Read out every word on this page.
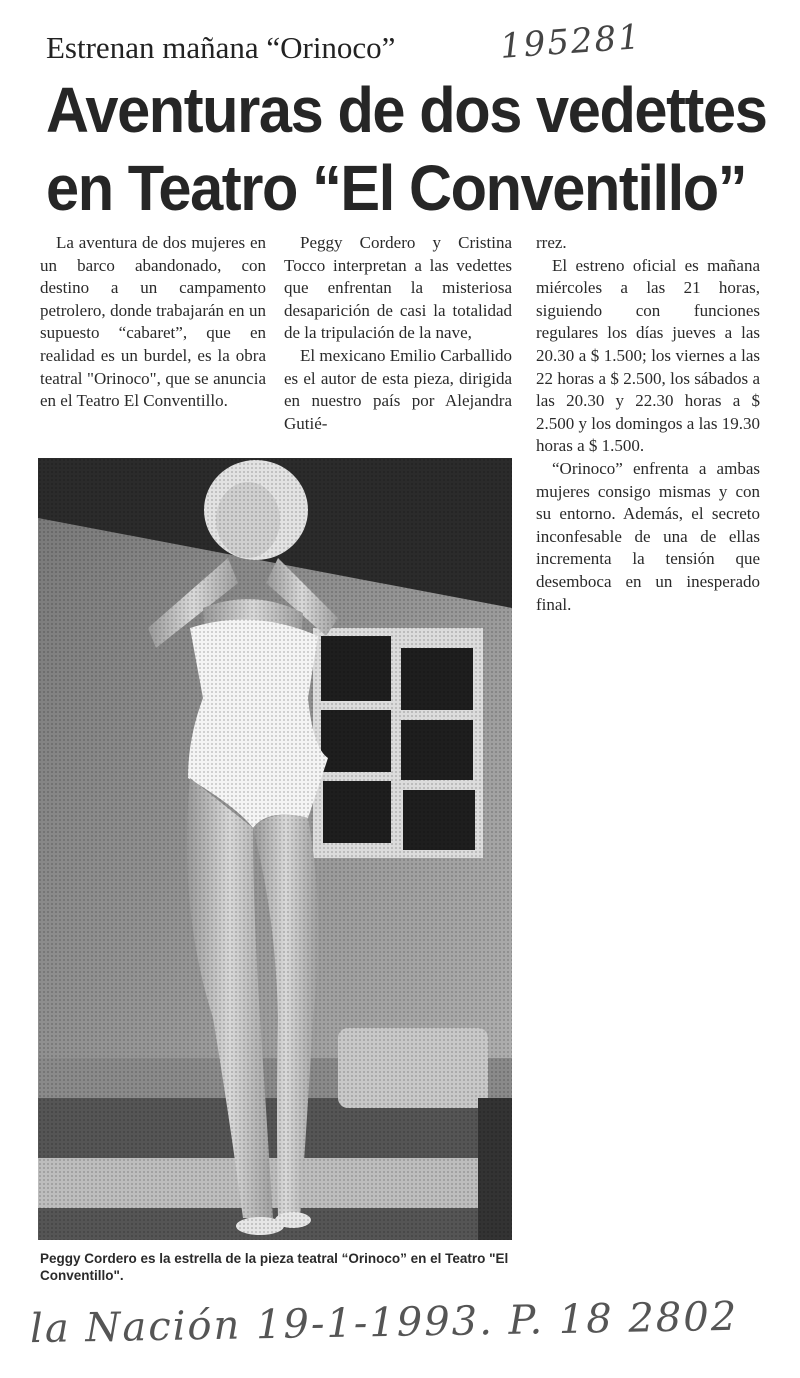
195281
Estrenan mañana “Orinoco”
Aventuras de dos vedettes
en Teatro “El Conventillo”

La aventura de dos mujeres en un barco abandonado, con destino a un campamento petrolero, donde trabajarán en un supuesto “cabaret”, que en realidad es un burdel, es la obra teatral "Orinoco", que se anuncia en el Teatro El Conventillo.

Peggy Cordero y Cristina Tocco interpretan a las vedettes que enfrentan la misteriosa desaparición de casi la totalidad de la tripulación de la nave,

El mexicano Emilio Carballido es el autor de esta pieza, dirigida en nuestro país por Alejandra Gutié-

rrez.

El estreno oficial es mañana miércoles a las 21 horas, siguiendo con funciones regulares los días jueves a las 20.30 a $ 1.500; los viernes a las 22 horas a $ 2.500, los sábados a las 20.30 y 22.30 horas a $ 2.500 y los domingos a las 19.30 horas a $ 1.500.

“Orinoco” enfrenta a ambas mujeres consigo mismas y con su entorno. Además, el secreto inconfesable de una de ellas incrementa la tensión que desemboca en un inesperado final.

Peggy Cordero es la estrella de la pieza teatral “Orinoco” en el Teatro "El Conventillo".
la Nación 19-1-1993. P. 18 2802
